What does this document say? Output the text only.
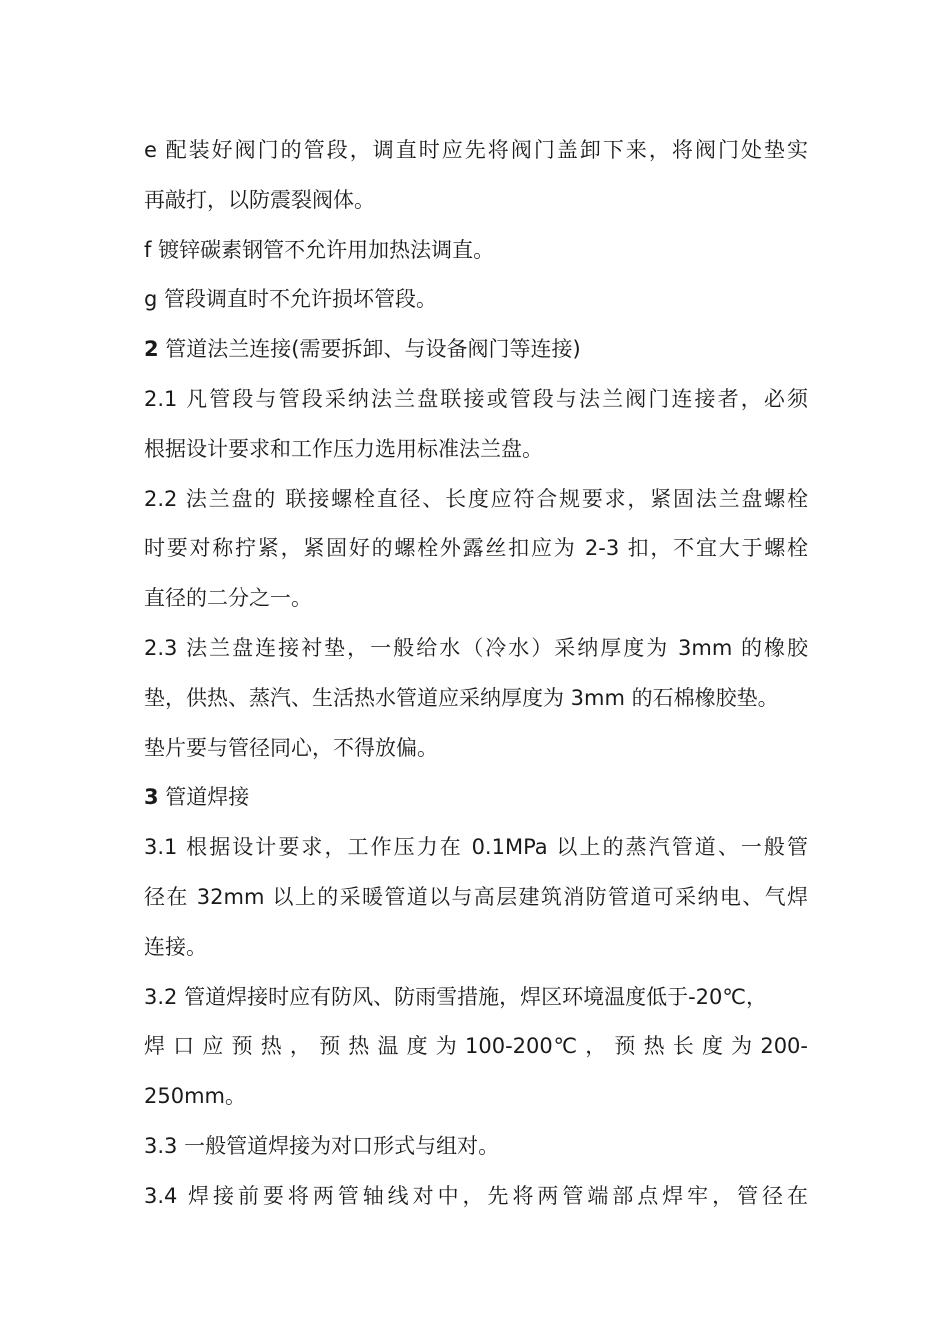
e 配装好阀门的管段，调直时应先将阀门盖卸下来，将阀门处垫实

再敲打，以防震裂阀体。

f 镀锌碳素钢管不允许用加热法调直。

g 管段调直时不允许损坏管段。

2 管道法兰连接(需要拆卸、与设备阀门等连接)

2.1 凡管段与管段采纳法兰盘联接或管段与法兰阀门连接者，必须

根据设计要求和工作压力选用标准法兰盘。

2.2 法兰盘的 联接螺栓直径、长度应符合规要求，紧固法兰盘螺栓

时要对称拧紧，紧固好的螺栓外露丝扣应为 2-3 扣，不宜大于螺栓

直径的二分之一。

2.3 法兰盘连接衬垫，一般给水（冷水）采纳厚度为 3mm 的橡胶

垫，供热、蒸汽、生活热水管道应采纳厚度为 3mm 的石棉橡胶垫。

垫片要与管径同心，不得放偏。

3 管道焊接

3.1 根据设计要求，工作压力在 0.1MPa 以上的蒸汽管道、一般管

径在 32mm 以上的采暖管道以与高层建筑消防管道可采纳电、气焊

连接。

3.2 管道焊接时应有防风、防雨雪措施，焊区环境温度低于-20℃，

焊 口 应 预 热 ， 预 热 温 度 为 100-200℃ ， 预 热 长 度 为 200-

250mm。

3.3 一般管道焊接为对口形式与组对。

3.4 焊接前要将两管轴线对中，先将两管端部点焊牢，管径在
